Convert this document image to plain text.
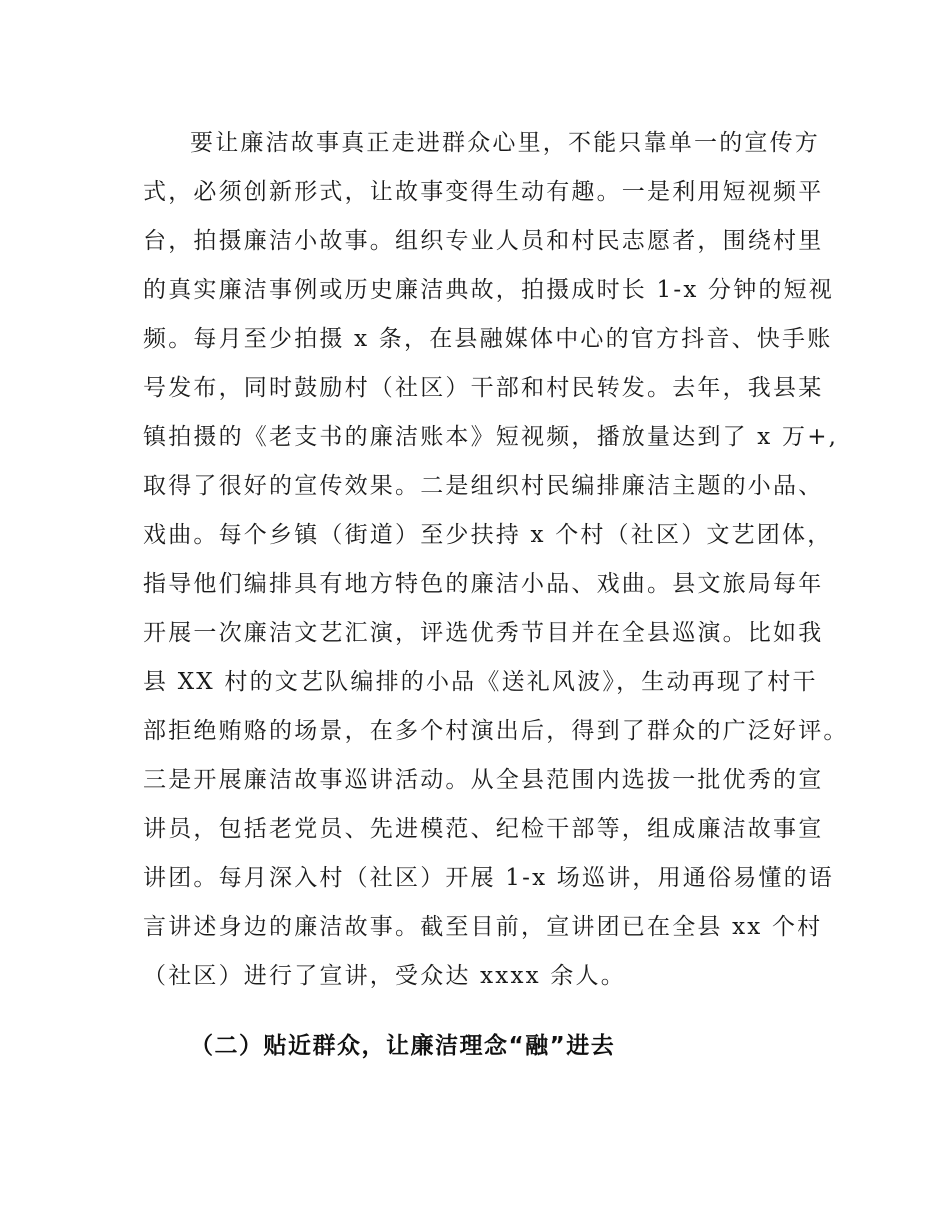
要让廉洁故事真正走进群众心里，不能只靠单一的宣传方
式，必须创新形式，让故事变得生动有趣。一是利用短视频平
台，拍摄廉洁小故事。组织专业人员和村民志愿者，围绕村里
的真实廉洁事例或历史廉洁典故，拍摄成时长 1-x 分钟的短视
频。每月至少拍摄 x 条，在县融媒体中心的官方抖音、快手账
号发布，同时鼓励村（社区）干部和村民转发。去年，我县某
镇拍摄的《老支书的廉洁账本》短视频，播放量达到了 x 万+,
取得了很好的宣传效果。二是组织村民编排廉洁主题的小品、
戏曲。每个乡镇（街道）至少扶持 x 个村（社区）文艺团体，
指导他们编排具有地方特色的廉洁小品、戏曲。县文旅局每年
开展一次廉洁文艺汇演，评选优秀节目并在全县巡演。比如我
县 XX 村的文艺队编排的小品《送礼风波》，生动再现了村干
部拒绝贿赂的场景，在多个村演出后，得到了群众的广泛好评。
三是开展廉洁故事巡讲活动。从全县范围内选拔一批优秀的宣
讲员，包括老党员、先进模范、纪检干部等，组成廉洁故事宣
讲团。每月深入村（社区）开展 1-x 场巡讲，用通俗易懂的语
言讲述身边的廉洁故事。截至目前，宣讲团已在全县 xx 个村
（社区）进行了宣讲，受众达 xxxx 余人。
（二）贴近群众，让廉洁理念“融”进去
